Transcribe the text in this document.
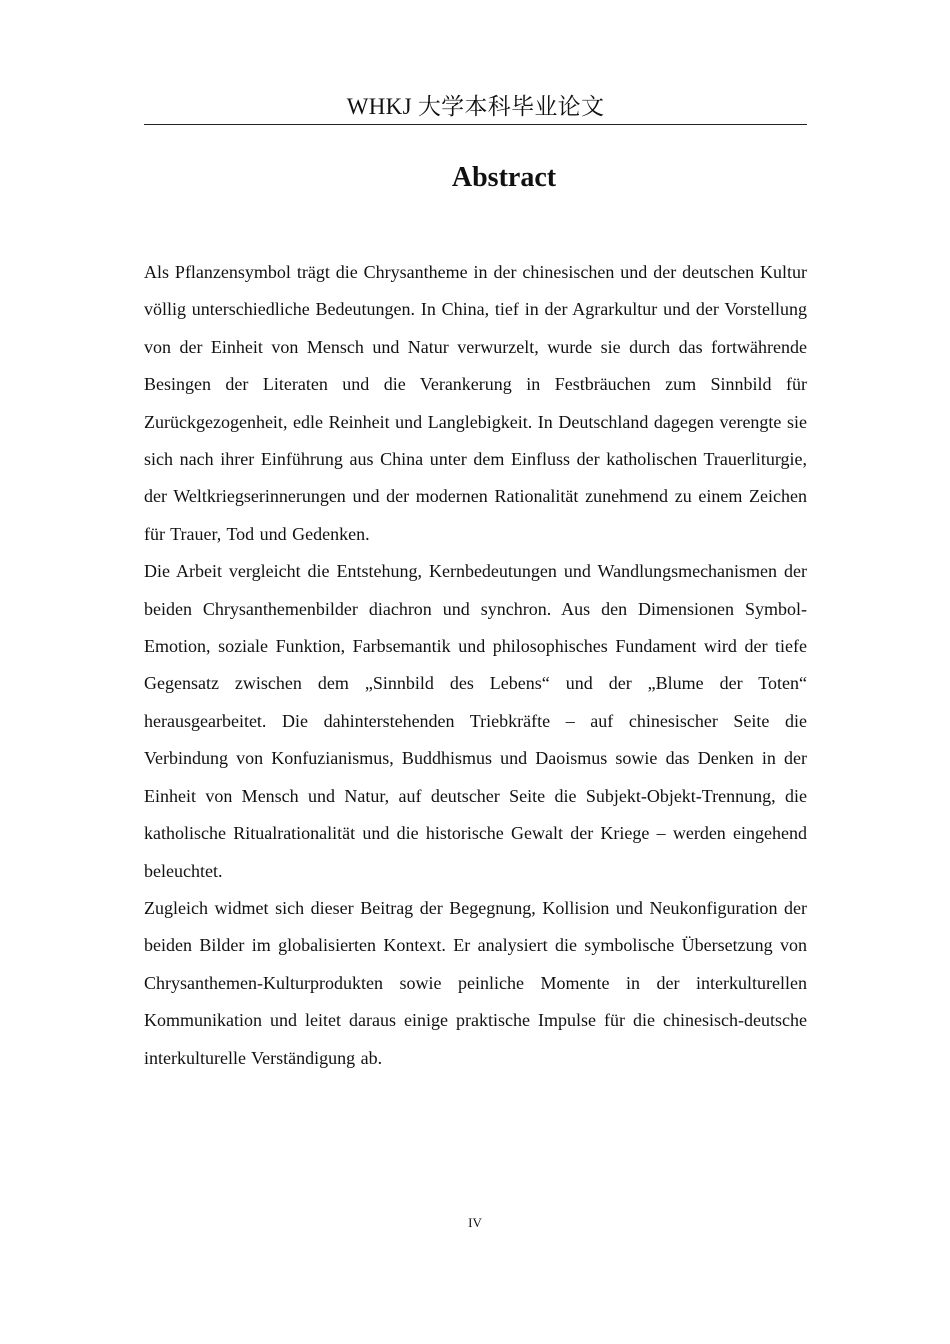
WHKJ 大学本科毕业论文
Abstract

Als Pflanzensymbol trägt die Chrysantheme in der chinesischen und der deutschen Kultur völlig unterschiedliche Bedeutungen. In China, tief in der Agrarkultur und der Vorstellung von der Einheit von Mensch und Natur verwurzelt, wurde sie durch das fortwährende Besingen der Literaten und die Verankerung in Festbräuchen zum Sinnbild für Zurückgezogenheit, edle Reinheit und Langlebigkeit. In Deutschland dagegen verengte sie sich nach ihrer Einführung aus China unter dem Einfluss der katholischen Trauerliturgie, der Weltkriegserinnerungen und der modernen Rationalität zunehmend zu einem Zeichen für Trauer, Tod und Gedenken.

Die Arbeit vergleicht die Entstehung, Kernbedeutungen und Wandlungsmechanismen der beiden Chrysanthemenbilder diachron und synchron. Aus den Dimensionen Symbol-Emotion, soziale Funktion, Farbsemantik und philosophisches Fundament wird der tiefe Gegensatz zwischen dem „Sinnbild des Lebens“ und der „Blume der Toten“ herausgearbeitet. Die dahinterstehenden Triebkräfte – auf chinesischer Seite die Verbindung von Konfuzianismus, Buddhismus und Daoismus sowie das Denken in der Einheit von Mensch und Natur, auf deutscher Seite die Subjekt-Objekt-Trennung, die katholische Ritualrationalität und die historische Gewalt der Kriege – werden eingehend beleuchtet.

Zugleich widmet sich dieser Beitrag der Begegnung, Kollision und Neukonfiguration der beiden Bilder im globalisierten Kontext. Er analysiert die symbolische Übersetzung von Chrysanthemen-Kulturprodukten sowie peinliche Momente in der interkulturellen Kommunikation und leitet daraus einige praktische Impulse für die chinesisch-deutsche interkulturelle Verständigung ab.

IV
